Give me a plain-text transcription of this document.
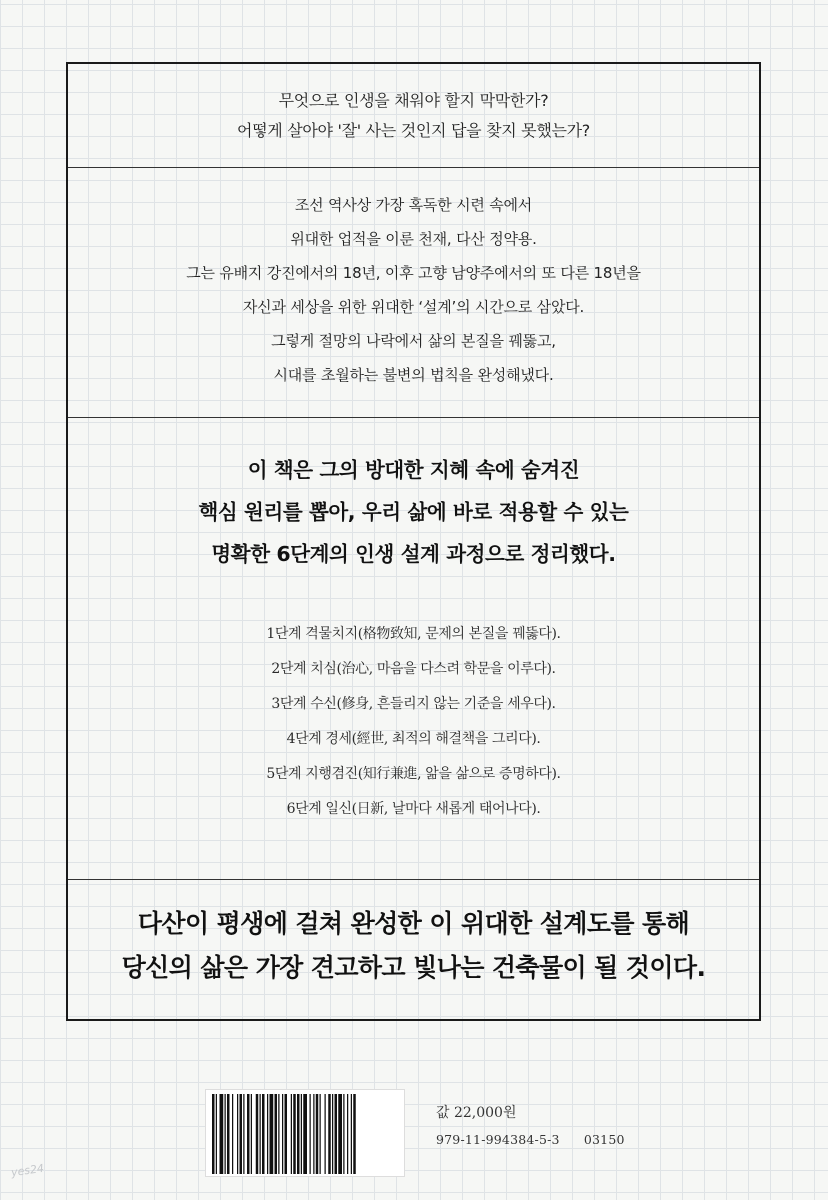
무엇으로 인생을 채워야 할지 막막한가?
어떻게 살아야 '잘' 사는 것인지 답을 찾지 못했는가?
조선 역사상 가장 혹독한 시련 속에서
위대한 업적을 이룬 천재, 다산 정약용.
그는 유배지 강진에서의 18년, 이후 고향 남양주에서의 또 다른 18년을
자신과 세상을 위한 위대한 ‘설계’의 시간으로 삼았다.
그렇게 절망의 나락에서 삶의 본질을 꿰뚫고,
시대를 초월하는 불변의 법칙을 완성해냈다.
이 책은 그의 방대한 지혜 속에 숨겨진
핵심 원리를 뽑아, 우리 삶에 바로 적용할 수 있는
명확한 6단계의 인생 설계 과정으로 정리했다.
1단계 격물치지(格物致知, 문제의 본질을 꿰뚫다).
2단계 치심(治心, 마음을 다스려 학문을 이루다).
3단계 수신(修身, 흔들리지 않는 기준을 세우다).
4단계 경세(經世, 최적의 해결책을 그리다).
5단계 지행겸진(知行兼進, 앎을 삶으로 증명하다).
6단계 일신(日新, 날마다 새롭게 태어나다).
다산이 평생에 걸쳐 완성한 이 위대한 설계도를 통해
당신의 삶은 가장 견고하고 빛나는 건축물이 될 것이다.
값 22,000원
979-11-994384-5-3 03150
yes24
